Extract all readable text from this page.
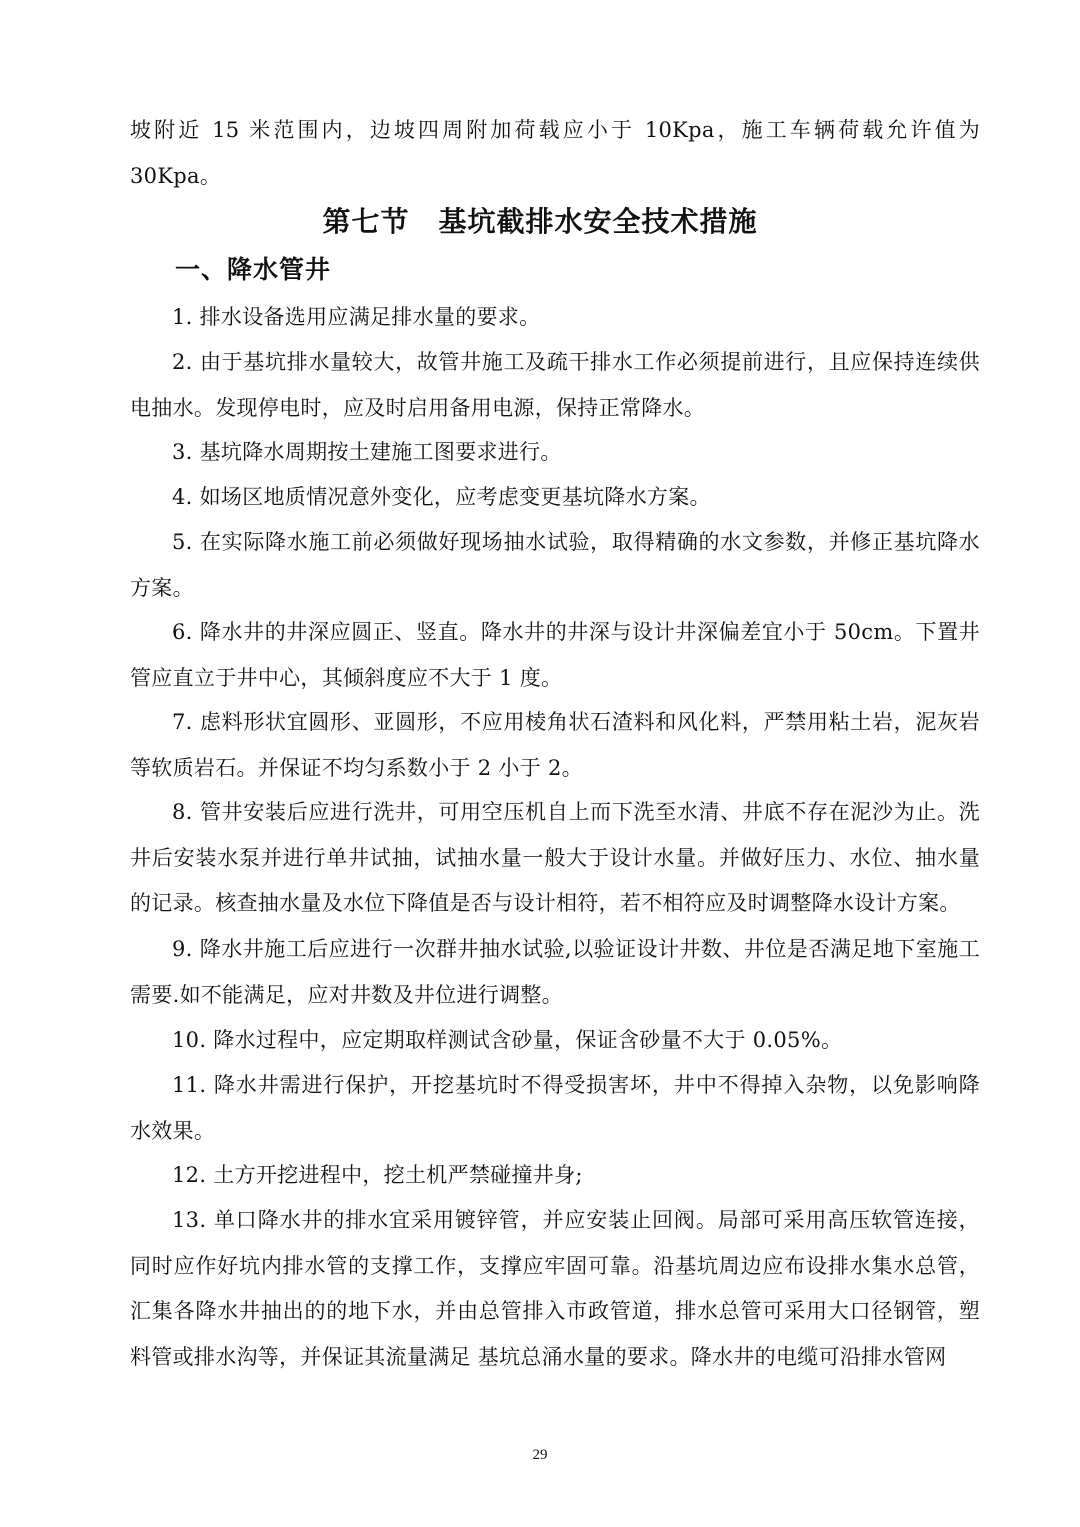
坡附近 15 米范围内，边坡四周附加荷载应小于 10Kpa，施工车辆荷载允许值为 30Kpa。

第七节　基坑截排水安全技术措施
一、降水管井

1. 排水设备选用应满足排水量的要求。

2. 由于基坑排水量较大，故管井施工及疏干排水工作必须提前进行，且应保持连续供电抽水。发现停电时，应及时启用备用电源，保持正常降水。

3. 基坑降水周期按土建施工图要求进行。

4. 如场区地质情况意外变化，应考虑变更基坑降水方案。

5. 在实际降水施工前必须做好现场抽水试验，取得精确的水文参数，并修正基坑降水方案。

6. 降水井的井深应圆正、竖直。降水井的井深与设计井深偏差宜小于 50cm。下置井管应直立于井中心，其倾斜度应不大于 1 度。

7. 虑料形状宜圆形、亚圆形，不应用棱角状石渣料和风化料，严禁用粘土岩，泥灰岩等软质岩石。并保证不均匀系数小于 2 小于 2。

8. 管井安装后应进行洗井，可用空压机自上而下洗至水清、井底不存在泥沙为止。洗井后安装水泵并进行单井试抽，试抽水量一般大于设计水量。并做好压力、水位、抽水量的记录。核查抽水量及水位下降值是否与设计相符，若不相符应及时调整降水设计方案。

9. 降水井施工后应进行一次群井抽水试验,以验证设计井数、井位是否满足地下室施工需要.如不能满足，应对井数及井位进行调整。

10. 降水过程中，应定期取样测试含砂量，保证含砂量不大于 0.05%。

11. 降水井需进行保护，开挖基坑时不得受损害坏，井中不得掉入杂物，以免影响降水效果。

12. 土方开挖进程中，挖土机严禁碰撞井身;

13. 单口降水井的排水宜采用镀锌管，并应安装止回阀。局部可采用高压软管连接，同时应作好坑内排水管的支撑工作，支撑应牢固可靠。沿基坑周边应布设排水集水总管，汇集各降水井抽出的的地下水，并由总管排入市政管道，排水总管可采用大口径钢管，塑料管或排水沟等，并保证其流量满足 基坑总涌水量的要求。降水井的电缆可沿排水管网

29
